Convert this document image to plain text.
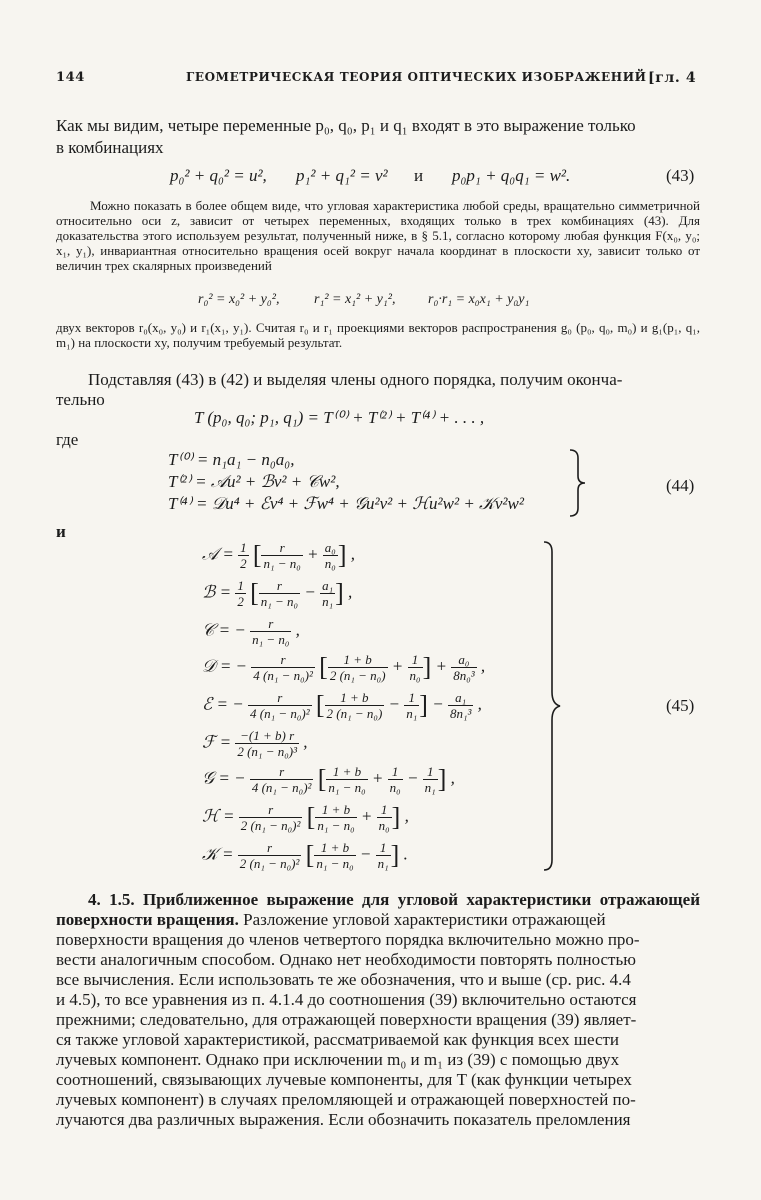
144	ГЕОМЕТРИЧЕСКАЯ ТЕОРИЯ ОПТИЧЕСКИХ ИЗОБРАЖЕНИЙ [гл. 4
Как мы видим, четыре переменные p₀, q₀, p₁ и q₁ входят в это выражение только
в комбинациях
p₀² + q₀² = u², p₁² + q₁² = v² и p₀p₁ + q₀q₁ = w².	(43)
Можно показать в более общем виде, что угловая характеристика любой среды, вращательно симметричной относительно оси z, зависит от четырех переменных, входящих только в трех комбинациях (43). Для доказательства этого используем результат, полученный ниже, в § 5.1, согласно которому любая функция F(x₀, y₀; x₁, y₁), инвариантная относительно вращения осей вокруг начала координат в плоскости xy, зависит только от величин трех скалярных произведений
r₀² = x₀² + y₀², r₁² = x₁² + y₁², r₀·r₁ = x₀x₁ + y₀y₁
двух векторов r₀(x₀, y₀) и r₁(x₁, y₁). Считая r₀ и r₁ проекциями векторов распространения g₀ (p₀, q₀, m₀) и g₁(p₁, q₁, m₁) на плоскости xy, получим требуемый результат.
Подставляя (43) в (42) и выделяя члены одного порядка, получим оконча-
тельно
T (p₀, q₀; p₁, q₁) = T⁽⁰⁾ + T⁽²⁾ + T⁽⁴⁾ + . . . ,
где
T⁽⁰⁾ = n₁a₁ − n₀a₀,
T⁽²⁾ = 𝒜u² + ℬv² + 𝒞w²,
T⁽⁴⁾ = 𝒟u⁴ + ℰv⁴ + ℱw⁴ + 𝒢u²v² + ℋu²w² + 𝒦v²w²
(44)
и
𝒜 = $\frac{1}{2}$ [ $\frac{r}{\text{n₁ − n₀}} + \frac{\text{a₀}}{\text{n₀}}$ ] ,
ℬ = $\frac{1}{2}$ [ $\frac{r}{\text{n₁ − n₀}} - \frac{\text{a₁}}{\text{n₁}}$ ] ,
𝒞 = − $\frac{r}{\text{n₁ − n₀}}$ ,
𝒟 = − $\frac{r}{\text{4 (n₁ − n₀)²}}$ [ $\frac{1 + b}{\text{2 (n₁ − n₀)}} + \frac{1}{\text{n₀}}$ ] + $\frac{\text{a₀}}{\text{8n₀³}}$ ,
ℰ = − $\frac{r}{\text{4 (n₁ − n₀)²}}$ [ $\frac{1 + b}{\text{2 (n₁ − n₀)}} - \frac{1}{\text{n₁}}$ ] − $\frac{\text{a₁}}{\text{8n₁³}}$ ,
ℱ = $\frac{-(1 + b) r}{\text{2 (n₁ − n₀)³}}$ ,
𝒢 = − $\frac{r}{\text{4 (n₁ − n₀)²}}$ [ $\frac{1 + b}{\text{n₁ − n₀}} + \frac{1}{\text{n₀}} - \frac{1}{\text{n₁}}$ ] ,
ℋ = $\frac{r}{\text{2 (n₁ − n₀)²}}$ [ $\frac{1 + b}{\text{n₁ − n₀}} + \frac{1}{\text{n₀}}$ ] ,
𝒦 = $\frac{r}{\text{2 (n₁ − n₀)²}}$ [ $\frac{1 + b}{\text{n₁ − n₀}} - \frac{1}{\text{n₁}}$ ] .
(45)
4. 1.5. Приближенное выражение для угловой характеристики отражающей поверхности вращения. Разложение угловой характеристики отражающей
поверхности вращения до членов четвертого порядка включительно можно про-
вести аналогичным способом. Однако нет необходимости повторять полностью
все вычисления. Если использовать те же обозначения, что и выше (ср. рис. 4.4
и 4.5), то все уравнения из п. 4.1.4 до соотношения (39) включительно остаются
прежними; следовательно, для отражающей поверхности вращения (39) являет-
ся также угловой характеристикой, рассматриваемой как функция всех шести
лучевых компонент. Однако при исключении m₀ и m₁ из (39) с помощью двух
соотношений, связывающих лучевые компоненты, для T (как функции четырех
лучевых компонент) в случаях преломляющей и отражающей поверхностей по-
лучаются два различных выражения. Если обозначить показатель преломления
